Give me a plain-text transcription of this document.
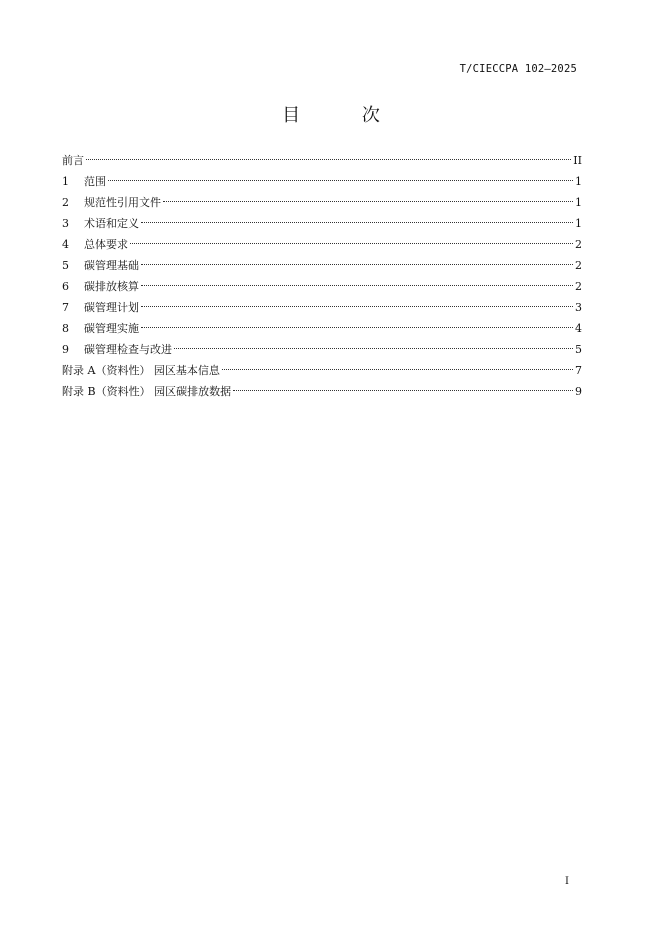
T/CIECCPA 102—2025
目 次
前言	II
1	范围	1
2	规范性引用文件	1
3	术语和定义	1
4	总体要求	2
5	碳管理基础	2
6	碳排放核算	2
7	碳管理计划	3
8	碳管理实施	4
9	碳管理检查与改进	5
附录 A（资料性） 园区基本信息	7
附录 B（资料性） 园区碳排放数据	9
I
